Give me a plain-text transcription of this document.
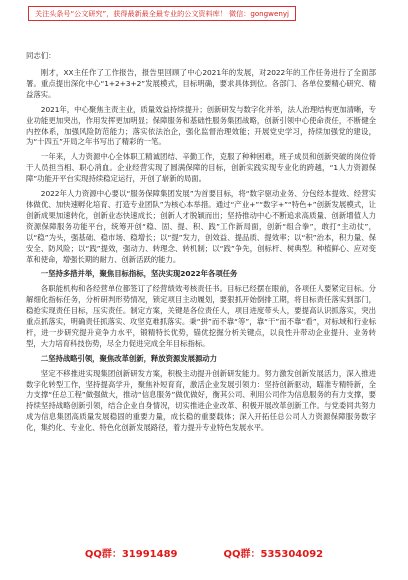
关注头条号“公文研究”，获得最新最全最专业的公文资料库！ 微信：gongwenyj

同志们：

刚才，XX主任作了工作报告，报告里回顾了中心2021年的发展，对2022年的工作任务进行了全面部署。重点提出深化中心“1+2+3+2”发展模式，目标明确，要求具体到位。各部门、各单位要精心研究、精益落实。

2021年，中心聚焦主责主业，质量效益持续提升；创新研发与数字化并举，法人治理结构更加清晰，专业功能更加突出，作用发挥更加明显；保障服务和基础性服务集团战略，创新引领中心使命责任，不断健全内控体系，加强风险防范能力；落实依法治企，强化监督治理效能；开展党史学习，持续加强党的建设，为“十四五”开局之年书写出了精彩的一笔。

一年来，人力资源中心全体职工精诚团结、辛勤工作，克服了种种困难，班子成员和创新突破的岗位骨干人员担当相、职心消血。企业经营实现了圆满保障的目标，创新实践实现专业化的跨越，“1人力资源保障”功能开平台实现持续稳定运行，开创了崭新的局面。

2022年人力资源中心要以“服务保障集团发展”为首要目标，将“数字驱动业务、分包经本提效、经营实体做优、加快速孵化培育、打造专业团队”为核心本举措。通过“产业+”“数字+”“特色+”创新发展模式，让创新成果加速转化，创新业态快速成长；创新人才脱颖而出；坚持推动中心不断追求高质量、创新增值人力资源保障服务功能平台，统筹开创“稳、固、提、积、践”工作新局面，创新“组合拳”，敢打“主动仗”，以“稳”为头，强基础、稳市场、稳增长；以“提”发力，创效益、提品质、提效率；以“积”治本，积力量、保安全、防风险；以“践”提效，强动力、转理念、转机制；以“践”争先，创标杆、树典型。种植鲜心、应对变革和使命，增强长期的耐力、创新活跃的能力。

一坚持多措并举，聚焦目标指标，坚决实现2022年各项任务

各职能机构和各经营单位都签订了经营绩效考核责任书。目标已经摆在眼前，各项任人要紧定目标。分解细化指标任务，分析研判形势情况，锁定项目主动履划，要狠抓开始倒排工期，将目标责任落实到部门，稳抢实现责任目标，压实责任。制定方案，关键是各位责任人，项目进度带头人，要提高认识抓落实，突出重点抓落实，明确责任抓落实、攻坚克难抓落实。秉“拼”而不靠“等”，靠“干”而不靠“看”，对标域和行业标杆，进一步研究提升竞争力水平，锻精特长优势，锚优挖掘分析关键点，以良性升带动企业提升、业务转型，大力培育科技伤势，尽全力促进完成全年目标指标。

二坚持战略引领，聚焦改革创新，释放资源发展源动力

坚定不移推进实现集团创新研发方案，积极主动提升创新研发能力。努力激发创新发展活力，深入推进数字化转型工作，坚持提高学升，聚焦补短育育，激活企业发展引领力：坚持创新驱动，瞄准专精特新，全力支撑“任总工程”做强做大，推动“信息服务”做优做好，衡其公司、利用公司作为信息服务的有力支撑，要持续坚持战略创新引领，结合企业自身情况，切实推进企业改革、积极开展改革创新工作。与党委同共努力成为信息集团高质量发展稳固的重要力量，成长稳的重要载体；深入开拓任总公司人力资源保障服务数字化，集约化、专业化、特色化创新发展路径，着力提升专业特色发展水平。

QQ群：31991489	QQ群：535304092
